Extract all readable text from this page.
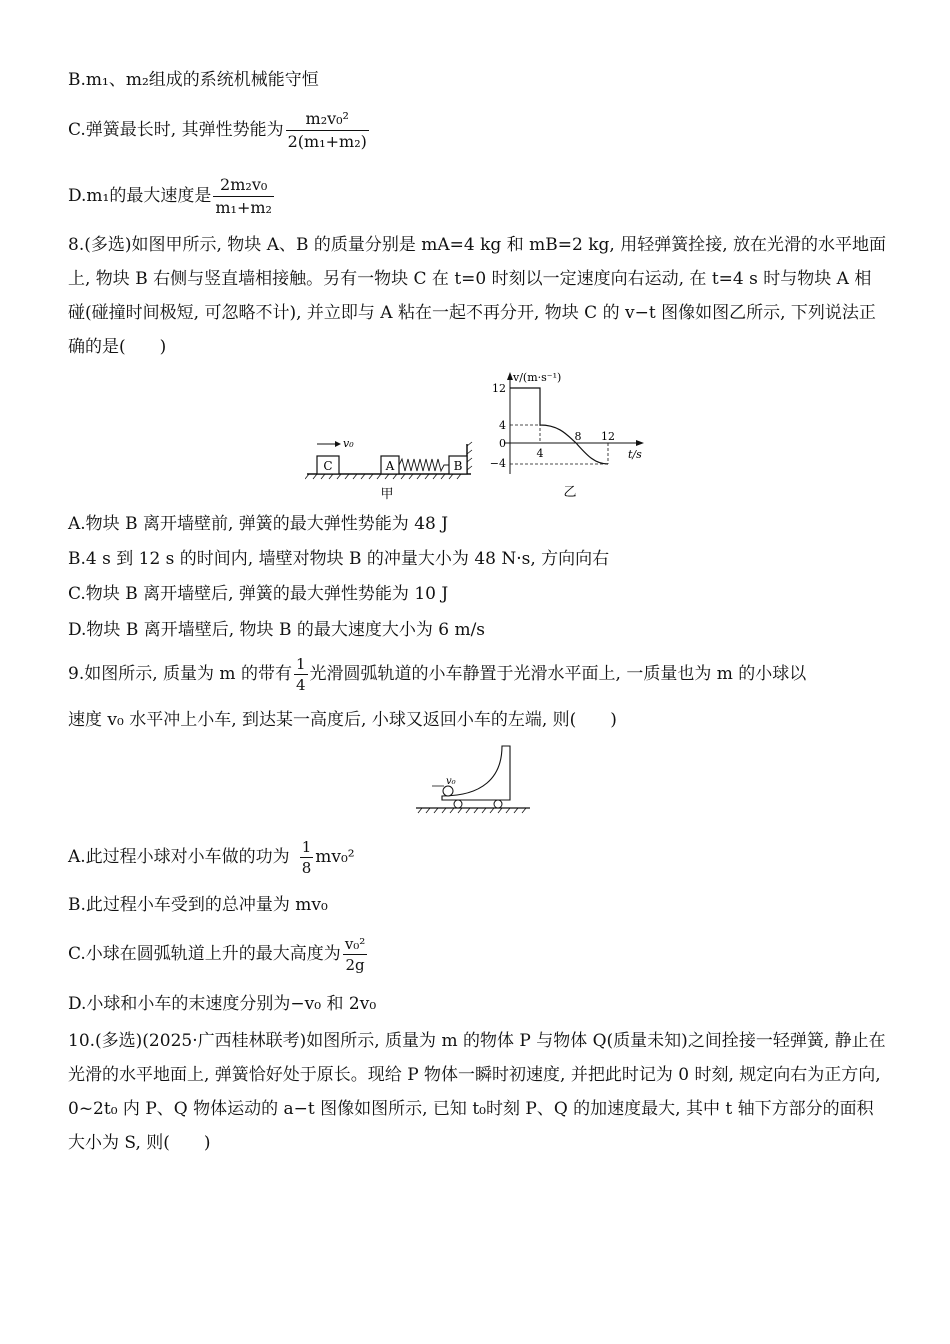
B.m₁、m₂组成的系统机械能守恒
C.弹簧最长时, 其弹性势能为 $\frac{\text{m₂v₀²}}{\text{2(m₁+m₂)}}$
D.m₁的最大速度是 $\frac{\text{2m₂v₀}}{\text{m₁+m₂}}$
8.(多选)如图甲所示, 物块 A、B 的质量分别是 mA=4 kg 和 mB=2 kg, 用轻弹簧拴接, 放在光滑的水平地面上, 物块 B 右侧与竖直墙相接触。另有一物块 C 在 t=0 时刻以一定速度向右运动, 在 t=4 s 时与物块 A 相碰(碰撞时间极短, 可忽略不计), 并立即与 A 粘在一起不再分开, 物块 C 的 v−t 图像如图乙所示, 下列说法正确的是(　　)
C
v₀
A	B
甲
v/(m·s⁻¹)
t/s
12
4
0
−4
4
8 12
乙
A.物块 B 离开墙壁前, 弹簧的最大弹性势能为 48 J
B.4 s 到 12 s 的时间内, 墙壁对物块 B 的冲量大小为 48 N·s, 方向向右
C.物块 B 离开墙壁后, 弹簧的最大弹性势能为 10 J
D.物块 B 离开墙壁后, 物块 B 的最大速度大小为 6 m/s
9.如图所示, 质量为 m 的带有 $\frac{1}{4}$ 光滑圆弧轨道的小车静置于光滑水平面上, 一质量也为 m 的小球以
速度 v₀ 水平冲上小车, 到达某一高度后, 小球又返回小车的左端, 则(　　)
v₀
A.此过程小球对小车做的功为 $\frac{1}{8} mv_0^2$
B.此过程小车受到的总冲量为 mv₀
C.小球在圆弧轨道上升的最大高度为 $\frac{\text{v₀²}}{2g}$
D.小球和小车的末速度分别为−v₀ 和 2v₀
10.(多选)(2025·广西桂林联考)如图所示, 质量为 m 的物体 P 与物体 Q(质量未知)之间拴接一轻弹簧, 静止在光滑的水平地面上, 弹簧恰好处于原长。现给 P 物体一瞬时初速度, 并把此时记为 0 时刻, 规定向右为正方向, 0~2t₀ 内 P、Q 物体运动的 a−t 图像如图所示, 已知 t₀时刻 P、Q 的加速度最大, 其中 t 轴下方部分的面积大小为 S, 则(　　)
